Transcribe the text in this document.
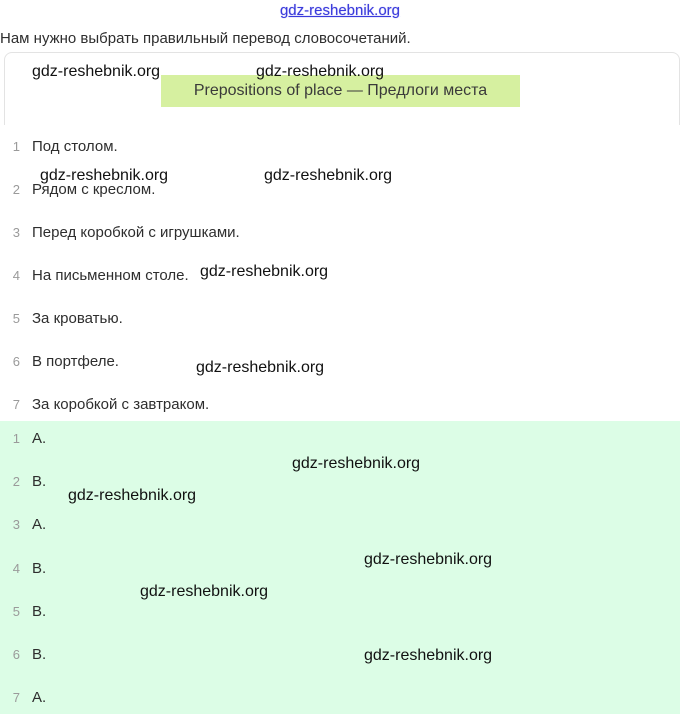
gdz-reshebnik.org
Нам нужно выбрать правильный перевод словосочетаний.
Prepositions of place — Предлоги места
1 Под столом.
2 Рядом с креслом.
3 Перед коробкой с игрушками.
4 На письменном столе.
5 За кроватью.
6 В портфеле.
7 За коробкой с завтраком.
1 A.
2 B.
3 A.
4 B.
5 B.
6 B.
7 A.
gdz-reshebnik.org	gdz-reshebnik.org
gdz-reshebnik.org	gdz-reshebnik.org
gdz-reshebnik.org
gdz-reshebnik.org
gdz-reshebnik.org
gdz-reshebnik.org
gdz-reshebnik.org
gdz-reshebnik.org
gdz-reshebnik.org
